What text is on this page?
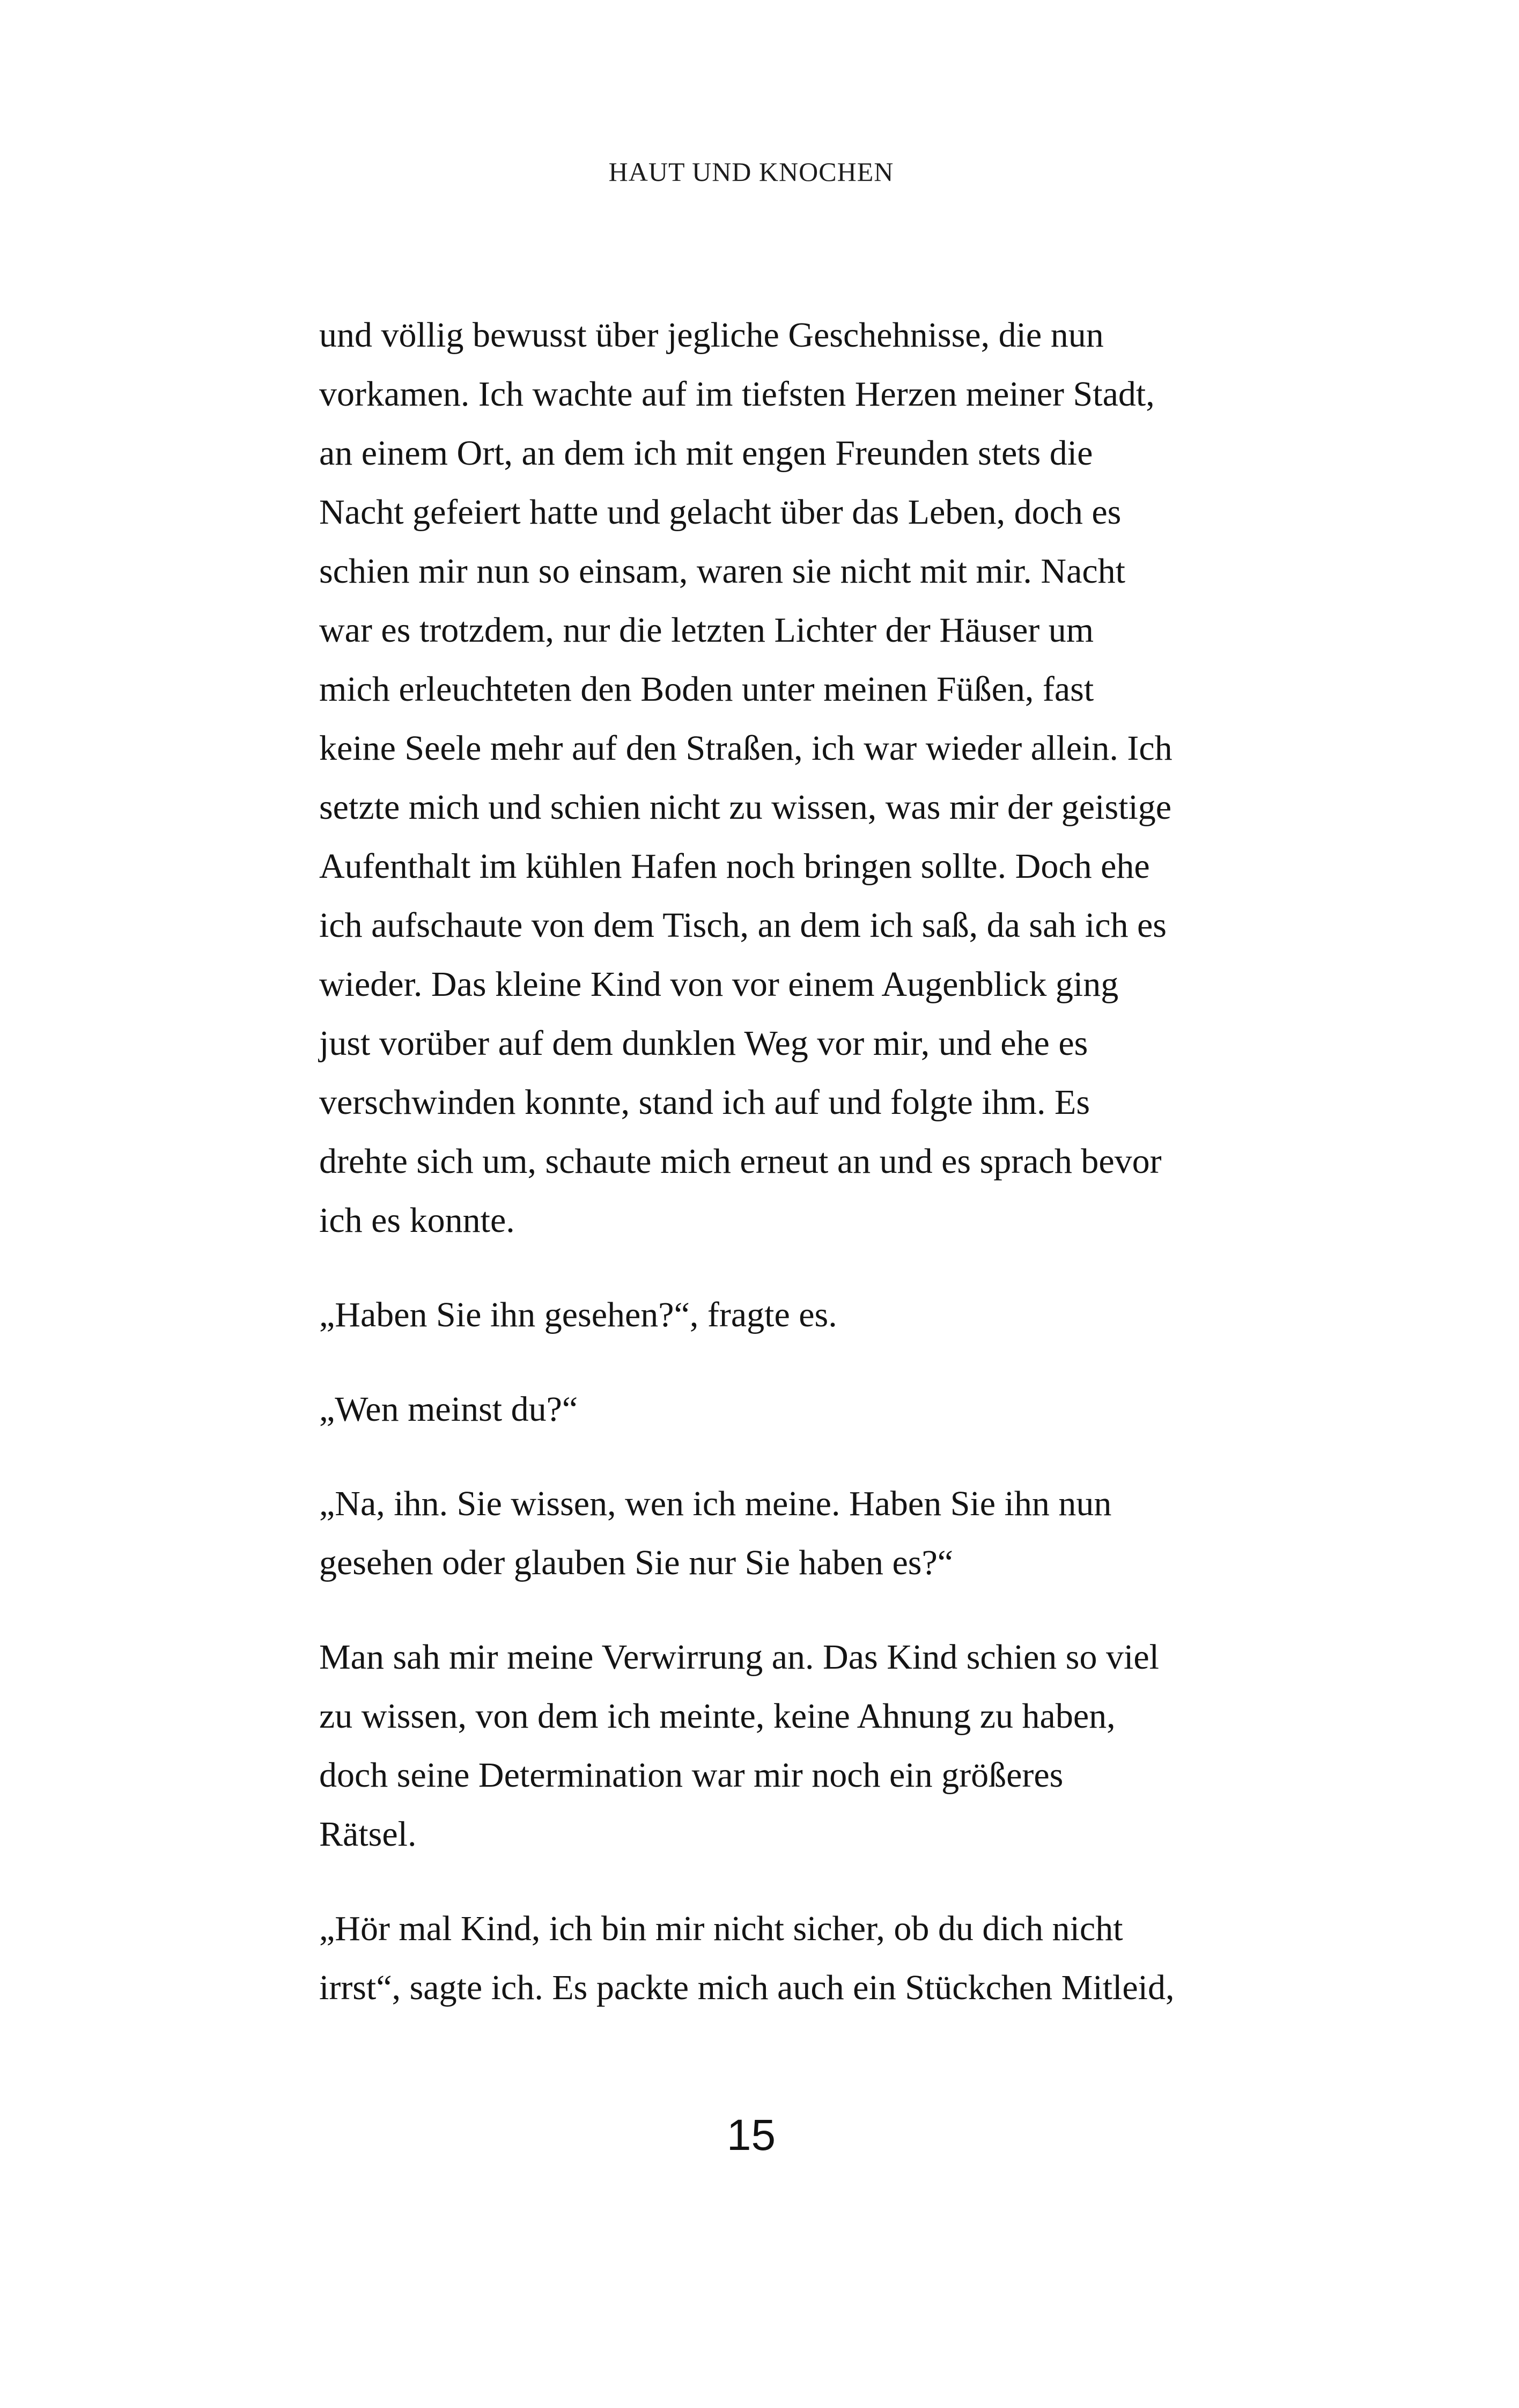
HAUT UND KNOCHEN
und völlig bewusst über jegliche Geschehnisse, die nun
vorkamen. Ich wachte auf im tiefsten Herzen meiner Stadt,
an einem Ort, an dem ich mit engen Freunden stets die
Nacht gefeiert hatte und gelacht über das Leben, doch es
schien mir nun so einsam, waren sie nicht mit mir. Nacht
war es trotzdem, nur die letzten Lichter der Häuser um
mich erleuchteten den Boden unter meinen Füßen, fast
keine Seele mehr auf den Straßen, ich war wieder allein. Ich
setzte mich und schien nicht zu wissen, was mir der geistige
Aufenthalt im kühlen Hafen noch bringen sollte. Doch ehe
ich aufschaute von dem Tisch, an dem ich saß, da sah ich es
wieder. Das kleine Kind von vor einem Augenblick ging
just vorüber auf dem dunklen Weg vor mir, und ehe es
verschwinden konnte, stand ich auf und folgte ihm. Es
drehte sich um, schaute mich erneut an und es sprach bevor
ich es konnte.
„Haben Sie ihn gesehen?“, fragte es.
„Wen meinst du?“
„Na, ihn. Sie wissen, wen ich meine. Haben Sie ihn nun
gesehen oder glauben Sie nur Sie haben es?“
Man sah mir meine Verwirrung an. Das Kind schien so viel
zu wissen, von dem ich meinte, keine Ahnung zu haben,
doch seine Determination war mir noch ein größeres
Rätsel.
„Hör mal Kind, ich bin mir nicht sicher, ob du dich nicht
irrst“, sagte ich. Es packte mich auch ein Stückchen Mitleid,
15
